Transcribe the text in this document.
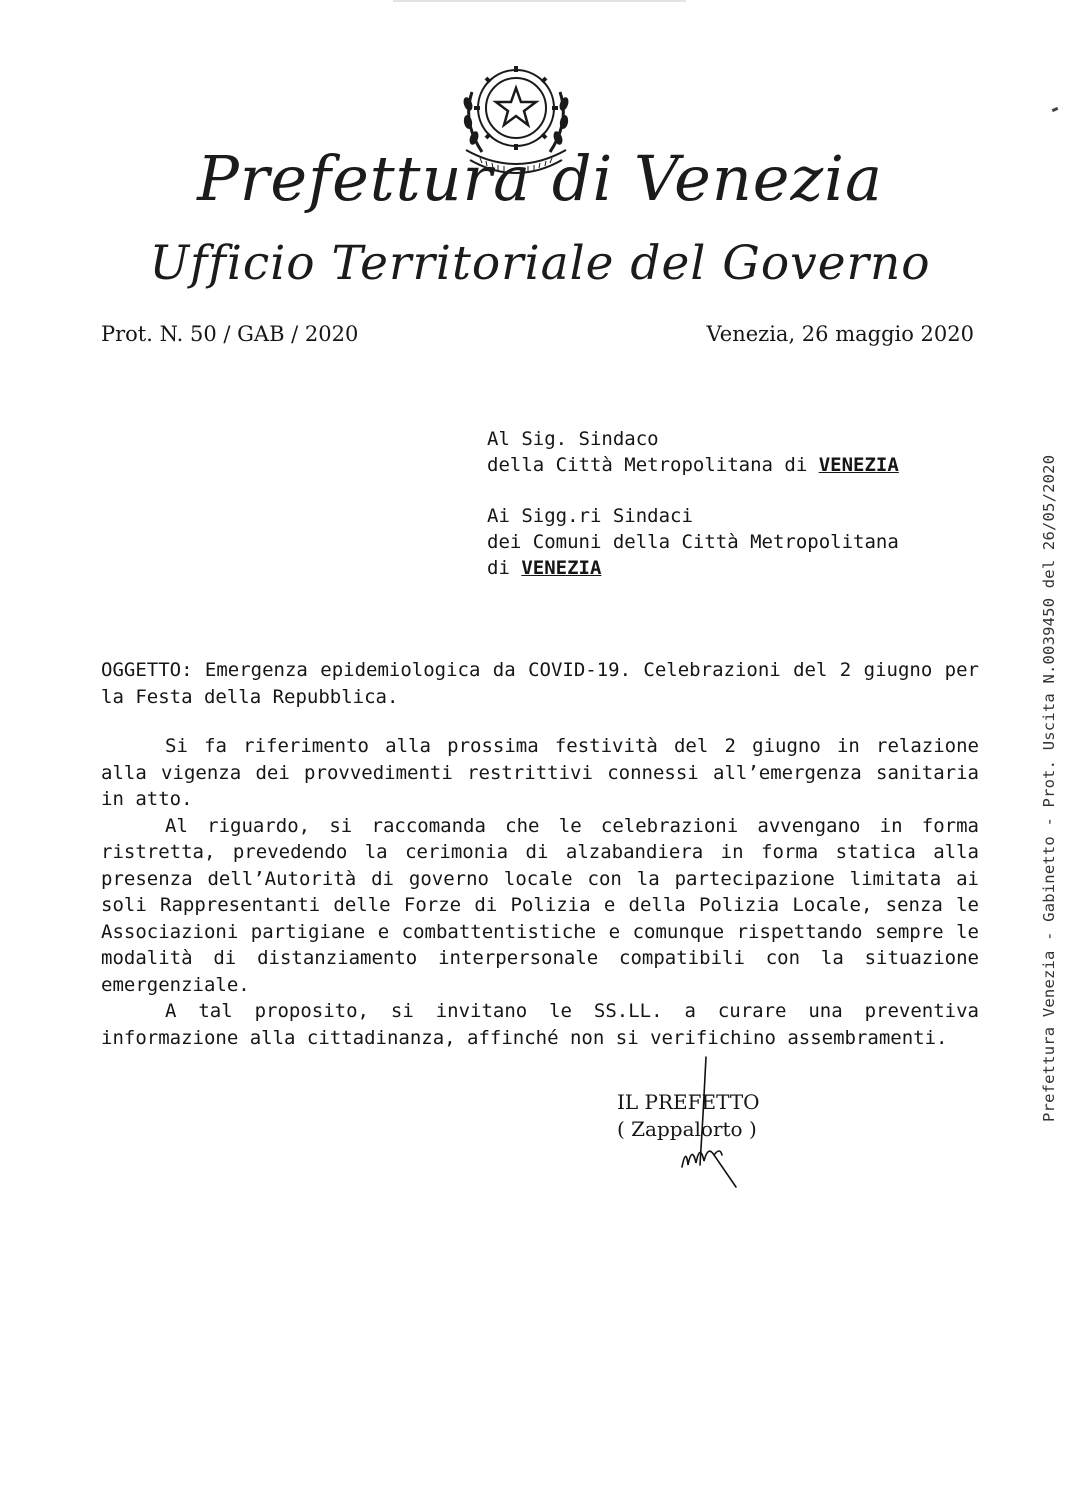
Prefettura di Venezia
Ufficio Territoriale del Governo
Prot. N. 50 / GAB / 2020	Venezia, 26 maggio 2020
Al Sig. Sindaco
della Città Metropolitana di VENEZIA
Ai Sigg.ri Sindaci
dei Comuni della Città Metropolitana
di VENEZIA
OGGETTO: Emergenza epidemiologica da COVID-19. Celebrazioni del 2 giugno per la Festa della Repubblica.

Si fa riferimento alla prossima festività del 2 giugno in relazione alla vigenza dei provvedimenti restrittivi connessi all’emergenza sanitaria in atto.

Al riguardo, si raccomanda che le celebrazioni avvengano in forma ristretta, prevedendo la cerimonia di alzabandiera in forma statica alla presenza dell’Autorità di governo locale con la partecipazione limitata ai soli Rappresentanti delle Forze di Polizia e della Polizia Locale, senza le Associazioni partigiane e combattentistiche e comunque rispettando sempre le modalità di distanziamento interpersonale compatibili con la situazione emergenziale.

A tal proposito, si invitano le SS.LL. a curare una preventiva informazione alla cittadinanza, affinché non si verifichino assembramenti.

IL PREFETTO
( Zappalorto )
Prefettura Venezia - Gabinetto - Prot. Uscita N.0039450 del 26/05/2020
